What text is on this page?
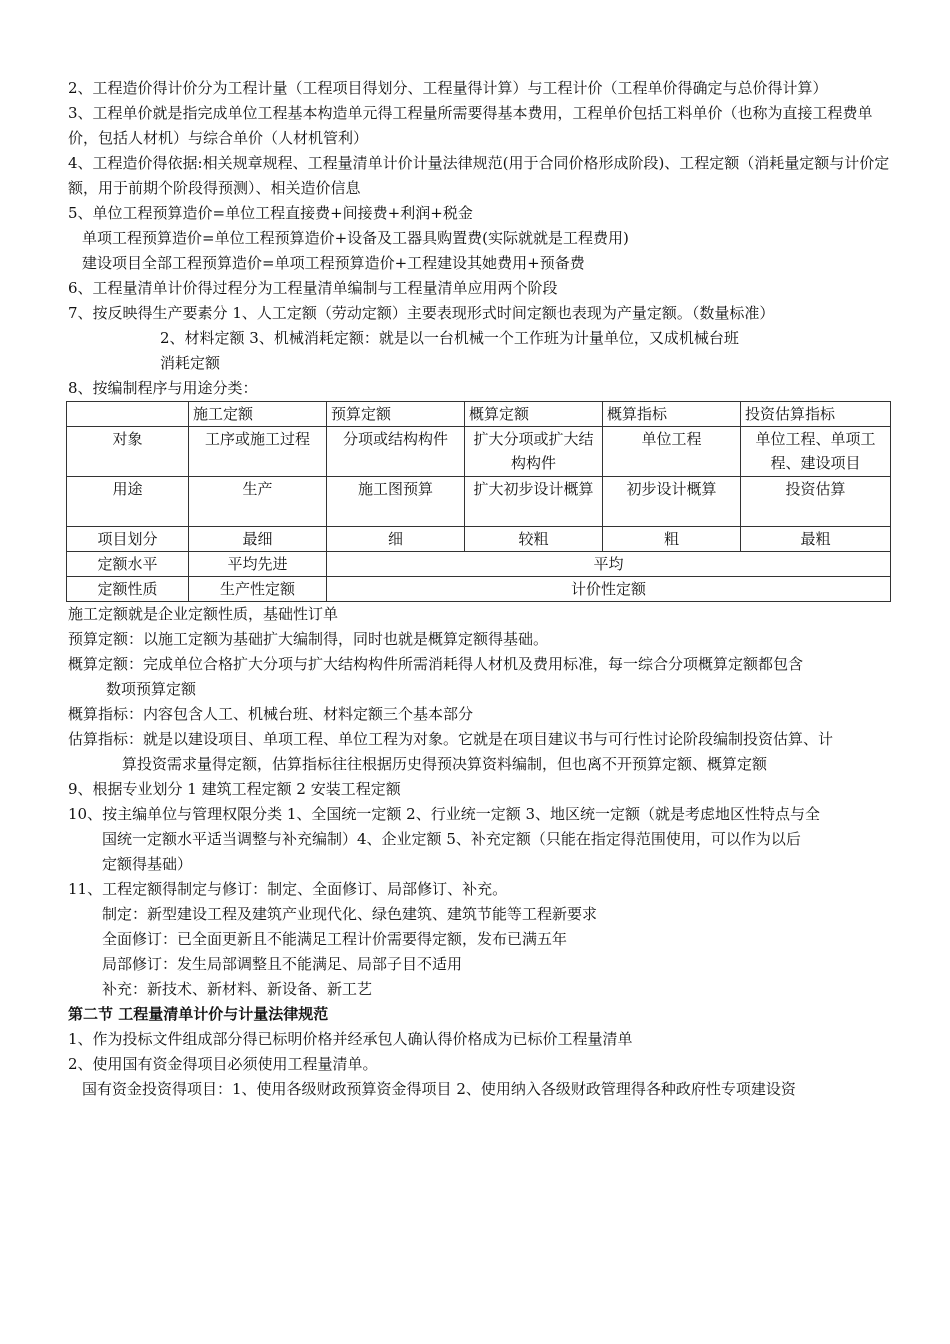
2、工程造价得计价分为工程计量（工程项目得划分、工程量得计算）与工程计价（工程单价得确定与总价得计算）
3、工程单价就是指完成单位工程基本构造单元得工程量所需要得基本费用，工程单价包括工料单价（也称为直接工程费单价，包括人材机）与综合单价（人材机管利）
4、工程造价得依据:相关规章规程、工程量清单计价计量法律规范(用于合同价格形成阶段)、工程定额（消耗量定额与计价定额，用于前期个阶段得预测）、相关造价信息
5、单位工程预算造价=单位工程直接费+间接费+利润+税金
单项工程预算造价=单位工程预算造价+设备及工器具购置费(实际就就是工程费用)
建设项目全部工程预算造价=单项工程预算造价+工程建设其她费用+预备费
6、工程量清单计价得过程分为工程量清单编制与工程量清单应用两个阶段
7、按反映得生产要素分 1、人工定额（劳动定额）主要表现形式时间定额也表现为产量定额。（数量标准）
2、材料定额 3、机械消耗定额：就是以一台机械一个工作班为计量单位，又成机械台班
消耗定额
8、按编制程序与用途分类：
	施工定额	预算定额	概算定额	概算指标	投资估算指标
对象	工序或施工过程	分项或结构构件	扩大分项或扩大结构构件	单位工程	单位工程、单项工程、建设项目
用途	生产	施工图预算	扩大初步设计概算	初步设计概算	投资估算
项目划分	最细	细	较粗	粗	最粗
定额水平	平均先进	平均			
定额性质	生产性定额	计价性定额			
施工定额就是企业定额性质，基础性订单
预算定额：以施工定额为基础扩大编制得，同时也就是概算定额得基础。
概算定额：完成单位合格扩大分项与扩大结构构件所需消耗得人材机及费用标准，每一综合分项概算定额都包含
数项预算定额
概算指标：内容包含人工、机械台班、材料定额三个基本部分
估算指标：就是以建设项目、单项工程、单位工程为对象。它就是在项目建议书与可行性讨论阶段编制投资估算、计
算投资需求量得定额，估算指标往往根据历史得预决算资料编制，但也离不开预算定额、概算定额
9、根据专业划分 1 建筑工程定额 2 安装工程定额
10、按主编单位与管理权限分类 1、全国统一定额 2、行业统一定额 3、地区统一定额（就是考虑地区性特点与全
国统一定额水平适当调整与补充编制）4、企业定额 5、补充定额（只能在指定得范围使用，可以作为以后
定额得基础）
11、工程定额得制定与修订：制定、全面修订、局部修订、补充。
制定：新型建设工程及建筑产业现代化、绿色建筑、建筑节能等工程新要求
全面修订：已全面更新且不能满足工程计价需要得定额，发布已满五年
局部修订：发生局部调整且不能满足、局部子目不适用
补充：新技术、新材料、新设备、新工艺
第二节 工程量清单计价与计量法律规范
1、作为投标文件组成部分得已标明价格并经承包人确认得价格成为已标价工程量清单
2、使用国有资金得项目必须使用工程量清单。
国有资金投资得项目：1、使用各级财政预算资金得项目 2、使用纳入各级财政管理得各种政府性专项建设资
